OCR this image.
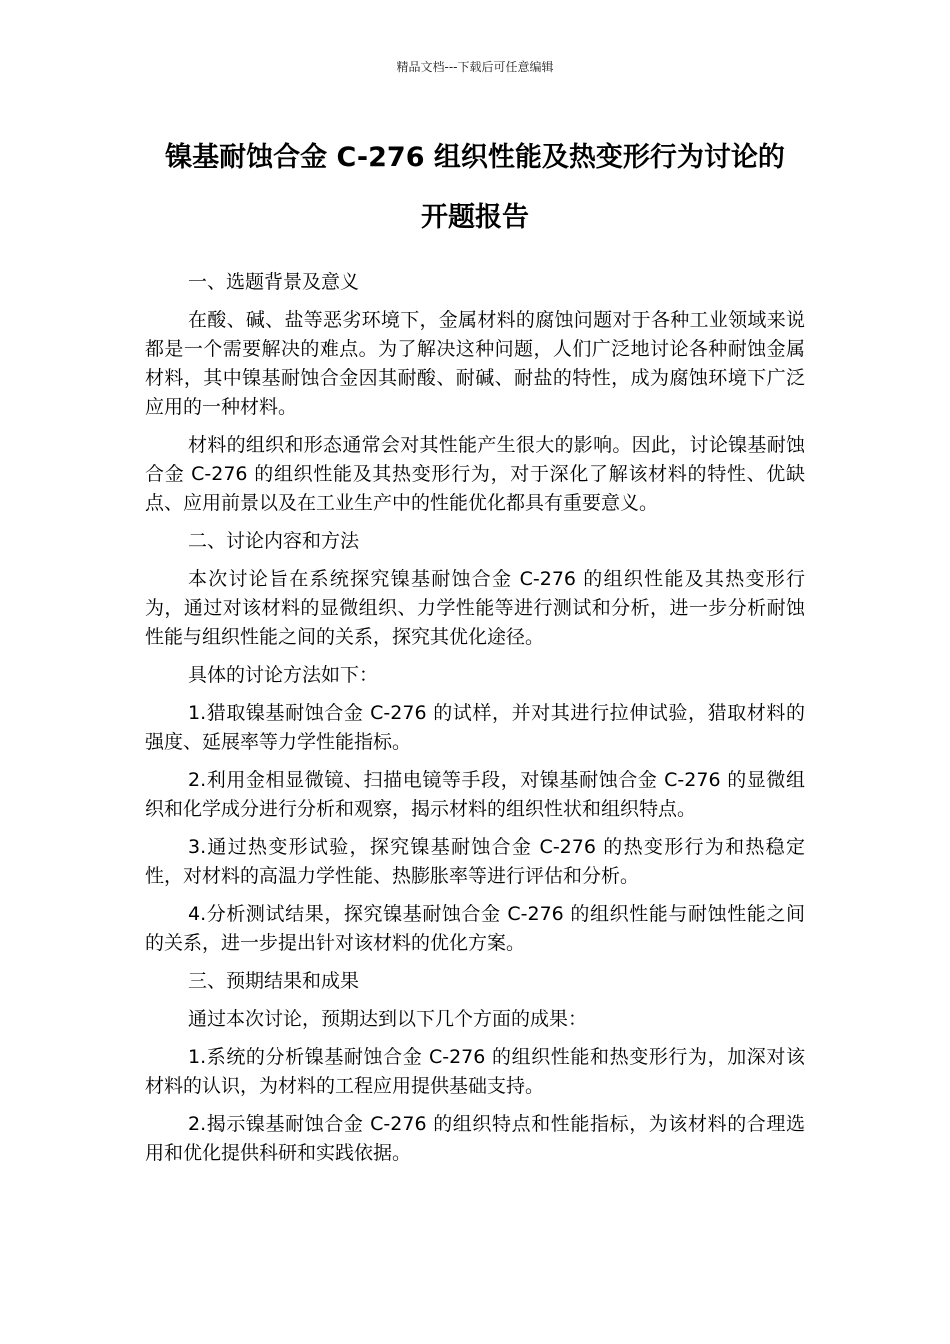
精品文档---下载后可任意编辑
镍基耐蚀合金 C-276 组织性能及热变形行为讨论的
开题报告

一、选题背景及意义

在酸、碱、盐等恶劣环境下，金属材料的腐蚀问题对于各种工业领域来说都是一个需要解决的难点。为了解决这种问题，人们广泛地讨论各种耐蚀金属材料，其中镍基耐蚀合金因其耐酸、耐碱、耐盐的特性，成为腐蚀环境下广泛应用的一种材料。

材料的组织和形态通常会对其性能产生很大的影响。因此，讨论镍基耐蚀合金 C-276 的组织性能及其热变形行为，对于深化了解该材料的特性、优缺点、应用前景以及在工业生产中的性能优化都具有重要意义。

二、讨论内容和方法

本次讨论旨在系统探究镍基耐蚀合金 C-276 的组织性能及其热变形行为，通过对该材料的显微组织、力学性能等进行测试和分析，进一步分析耐蚀性能与组织性能之间的关系，探究其优化途径。

具体的讨论方法如下：

1.猎取镍基耐蚀合金 C-276 的试样，并对其进行拉伸试验，猎取材料的强度、延展率等力学性能指标。

2.利用金相显微镜、扫描电镜等手段，对镍基耐蚀合金 C-276 的显微组织和化学成分进行分析和观察，揭示材料的组织性状和组织特点。

3.通过热变形试验，探究镍基耐蚀合金 C-276 的热变形行为和热稳定性，对材料的高温力学性能、热膨胀率等进行评估和分析。

4.分析测试结果，探究镍基耐蚀合金 C-276 的组织性能与耐蚀性能之间的关系，进一步提出针对该材料的优化方案。

三、预期结果和成果

通过本次讨论，预期达到以下几个方面的成果：

1.系统的分析镍基耐蚀合金 C-276 的组织性能和热变形行为，加深对该材料的认识，为材料的工程应用提供基础支持。

2.揭示镍基耐蚀合金 C-276 的组织特点和性能指标，为该材料的合理选用和优化提供科研和实践依据。
